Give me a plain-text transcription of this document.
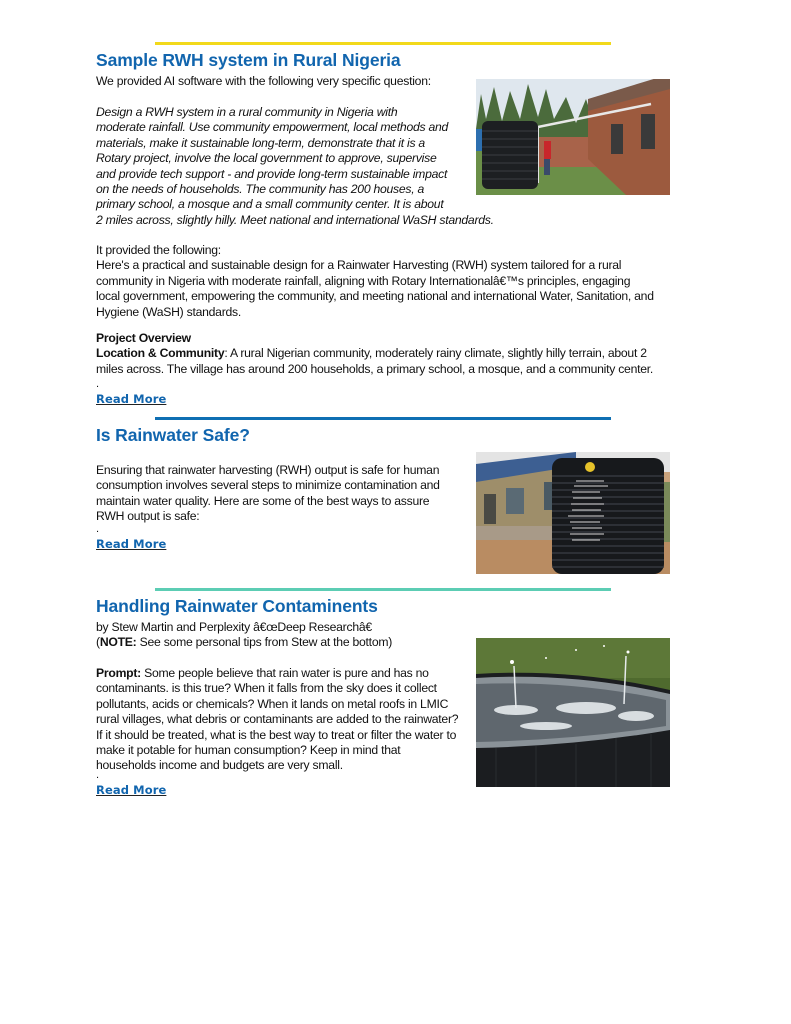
Sample RWH system in Rural Nigeria

We provided AI software with the following very specific question:

Design a RWH system in a rural community in Nigeria with
moderate rainfall. Use community empowerment, local methods and
materials, make it sustainable long-term, demonstrate that it is a
Rotary project, involve the local government to approve, supervise
and provide tech support - and provide long-term sustainable impact
on the needs of households. The community has 200 houses, a
primary school, a mosque and a small community center. It is about
2 miles across, slightly hilly. Meet national and international WaSH standards.
It provided the following:
Here's a practical and sustainable design for a Rainwater Harvesting (RWH) system tailored for a rural
community in Nigeria with moderate rainfall, aligning with Rotary Internationalâ€™s principles, engaging
local government, empowering the community, and meeting national and international Water, Sanitation, and
Hygiene (WaSH) standards.
Project Overview
Location & Community: A rural Nigerian community, moderately rainy climate, slightly hilly terrain, about 2
miles across. The village has around 200 households, a primary school, a mosque, and a community center.
.
Read More
Is Rainwater Safe?
Ensuring that rainwater harvesting (RWH) output is safe for human
consumption involves several steps to minimize contamination and
maintain water quality. Here are some of the best ways to assure
RWH output is safe:
.
Read More
Handling Rainwater Contaminents
by Stew Martin and Perplexity â€œDeep Researchâ€
(NOTE: See some personal tips from Stew at the bottom)
Prompt: Some people believe that rain water is pure and has no
contaminants. is this true? When it falls from the sky does it collect
pollutants, acids or chemicals? When it lands on metal roofs in LMIC
rural villages, what debris or contaminants are added to the rainwater?
If it should be treated, what is the best way to treat or filter the water to
make it potable for human consumption? Keep in mind that
households income and budgets are very small.
.
Read More
